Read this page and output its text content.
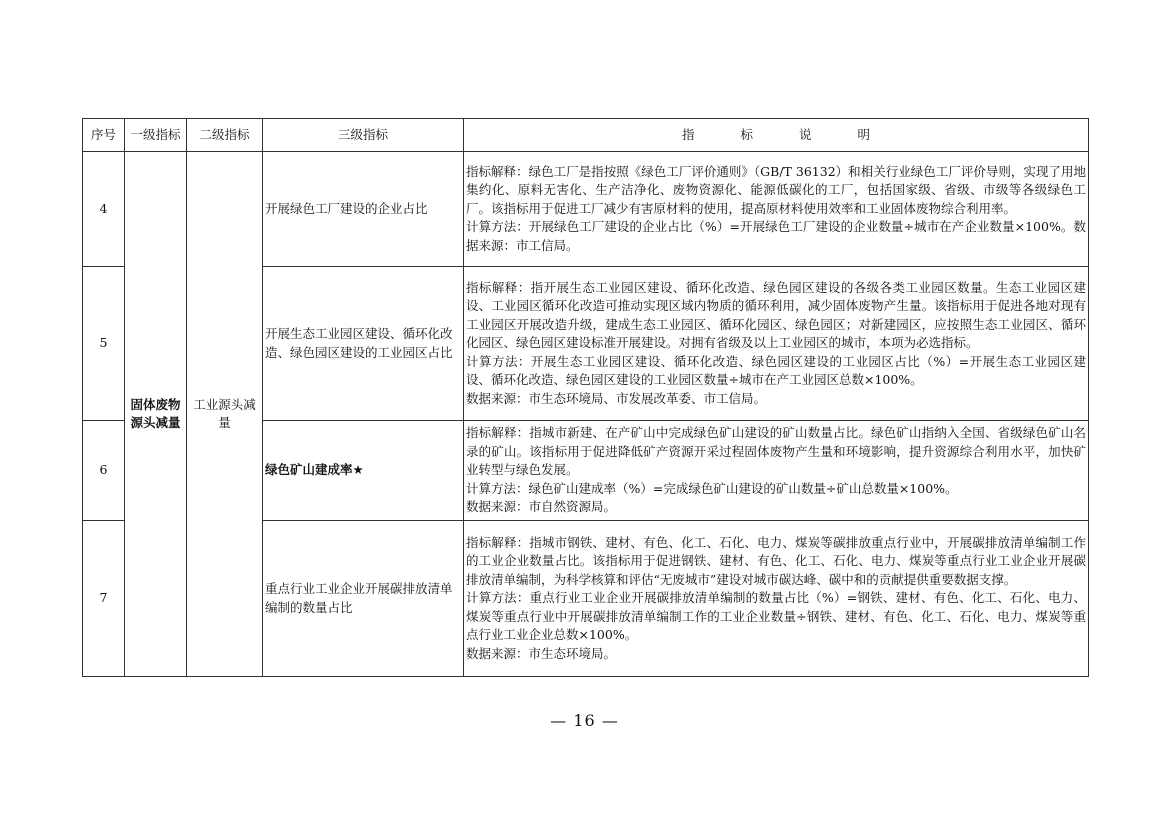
序号	一级指标	二级指标	三级指标	指标说明
4	固体废物源头减量	工业源头减量	开展绿色工厂建设的企业占比	指标解释：绿色工厂是指按照《绿色工厂评价通则》（GB/T 36132）和相关行业绿色工厂评价导则，实现了用地集约化、原料无害化、生产洁净化、废物资源化、能源低碳化的工厂，包括国家级、省级、市级等各级绿色工厂。该指标用于促进工厂减少有害原材料的使用，提高原材料使用效率和工业固体废物综合利用率。

计算方法：开展绿色工厂建设的企业占比（%）=开展绿色工厂建设的企业数量÷城市在产企业数量×100%。数据来源：市工信局。

5			开展生态工业园区建设、循环化改造、绿色园区建设的工业园区占比	指标解释：指开展生态工业园区建设、循环化改造、绿色园区建设的各级各类工业园区数量。生态工业园区建设、工业园区循环化改造可推动实现区域内物质的循环利用，减少固体废物产生量。该指标用于促进各地对现有工业园区开展改造升级，建成生态工业园区、循环化园区、绿色园区；对新建园区，应按照生态工业园区、循环化园区、绿色园区建设标准开展建设。对拥有省级及以上工业园区的城市，本项为必选指标。

计算方法：开展生态工业园区建设、循环化改造、绿色园区建设的工业园区占比（%）=开展生态工业园区建设、循环化改造、绿色园区建设的工业园区数量÷城市在产工业园区总数×100%。

数据来源：市生态环境局、市发展改革委、市工信局。

6			绿色矿山建成率★	指标解释：指城市新建、在产矿山中完成绿色矿山建设的矿山数量占比。绿色矿山指纳入全国、省级绿色矿山名录的矿山。该指标用于促进降低矿产资源开采过程固体废物产生量和环境影响，提升资源综合利用水平，加快矿业转型与绿色发展。

计算方法：绿色矿山建成率（%）=完成绿色矿山建设的矿山数量÷矿山总数量×100%。

数据来源：市自然资源局。

7			重点行业工业企业开展碳排放清单编制的数量占比	指标解释：指城市钢铁、建材、有色、化工、石化、电力、煤炭等碳排放重点行业中，开展碳排放清单编制工作的工业企业数量占比。该指标用于促进钢铁、建材、有色、化工、石化、电力、煤炭等重点行业工业企业开展碳排放清单编制，为科学核算和评估“无废城市”建设对城市碳达峰、碳中和的贡献提供重要数据支撑。

计算方法：重点行业工业企业开展碳排放清单编制的数量占比（%）=钢铁、建材、有色、化工、石化、电力、煤炭等重点行业中开展碳排放清单编制工作的工业企业数量÷钢铁、建材、有色、化工、石化、电力、煤炭等重点行业工业企业总数×100%。

数据来源：市生态环境局。

— 16 —
